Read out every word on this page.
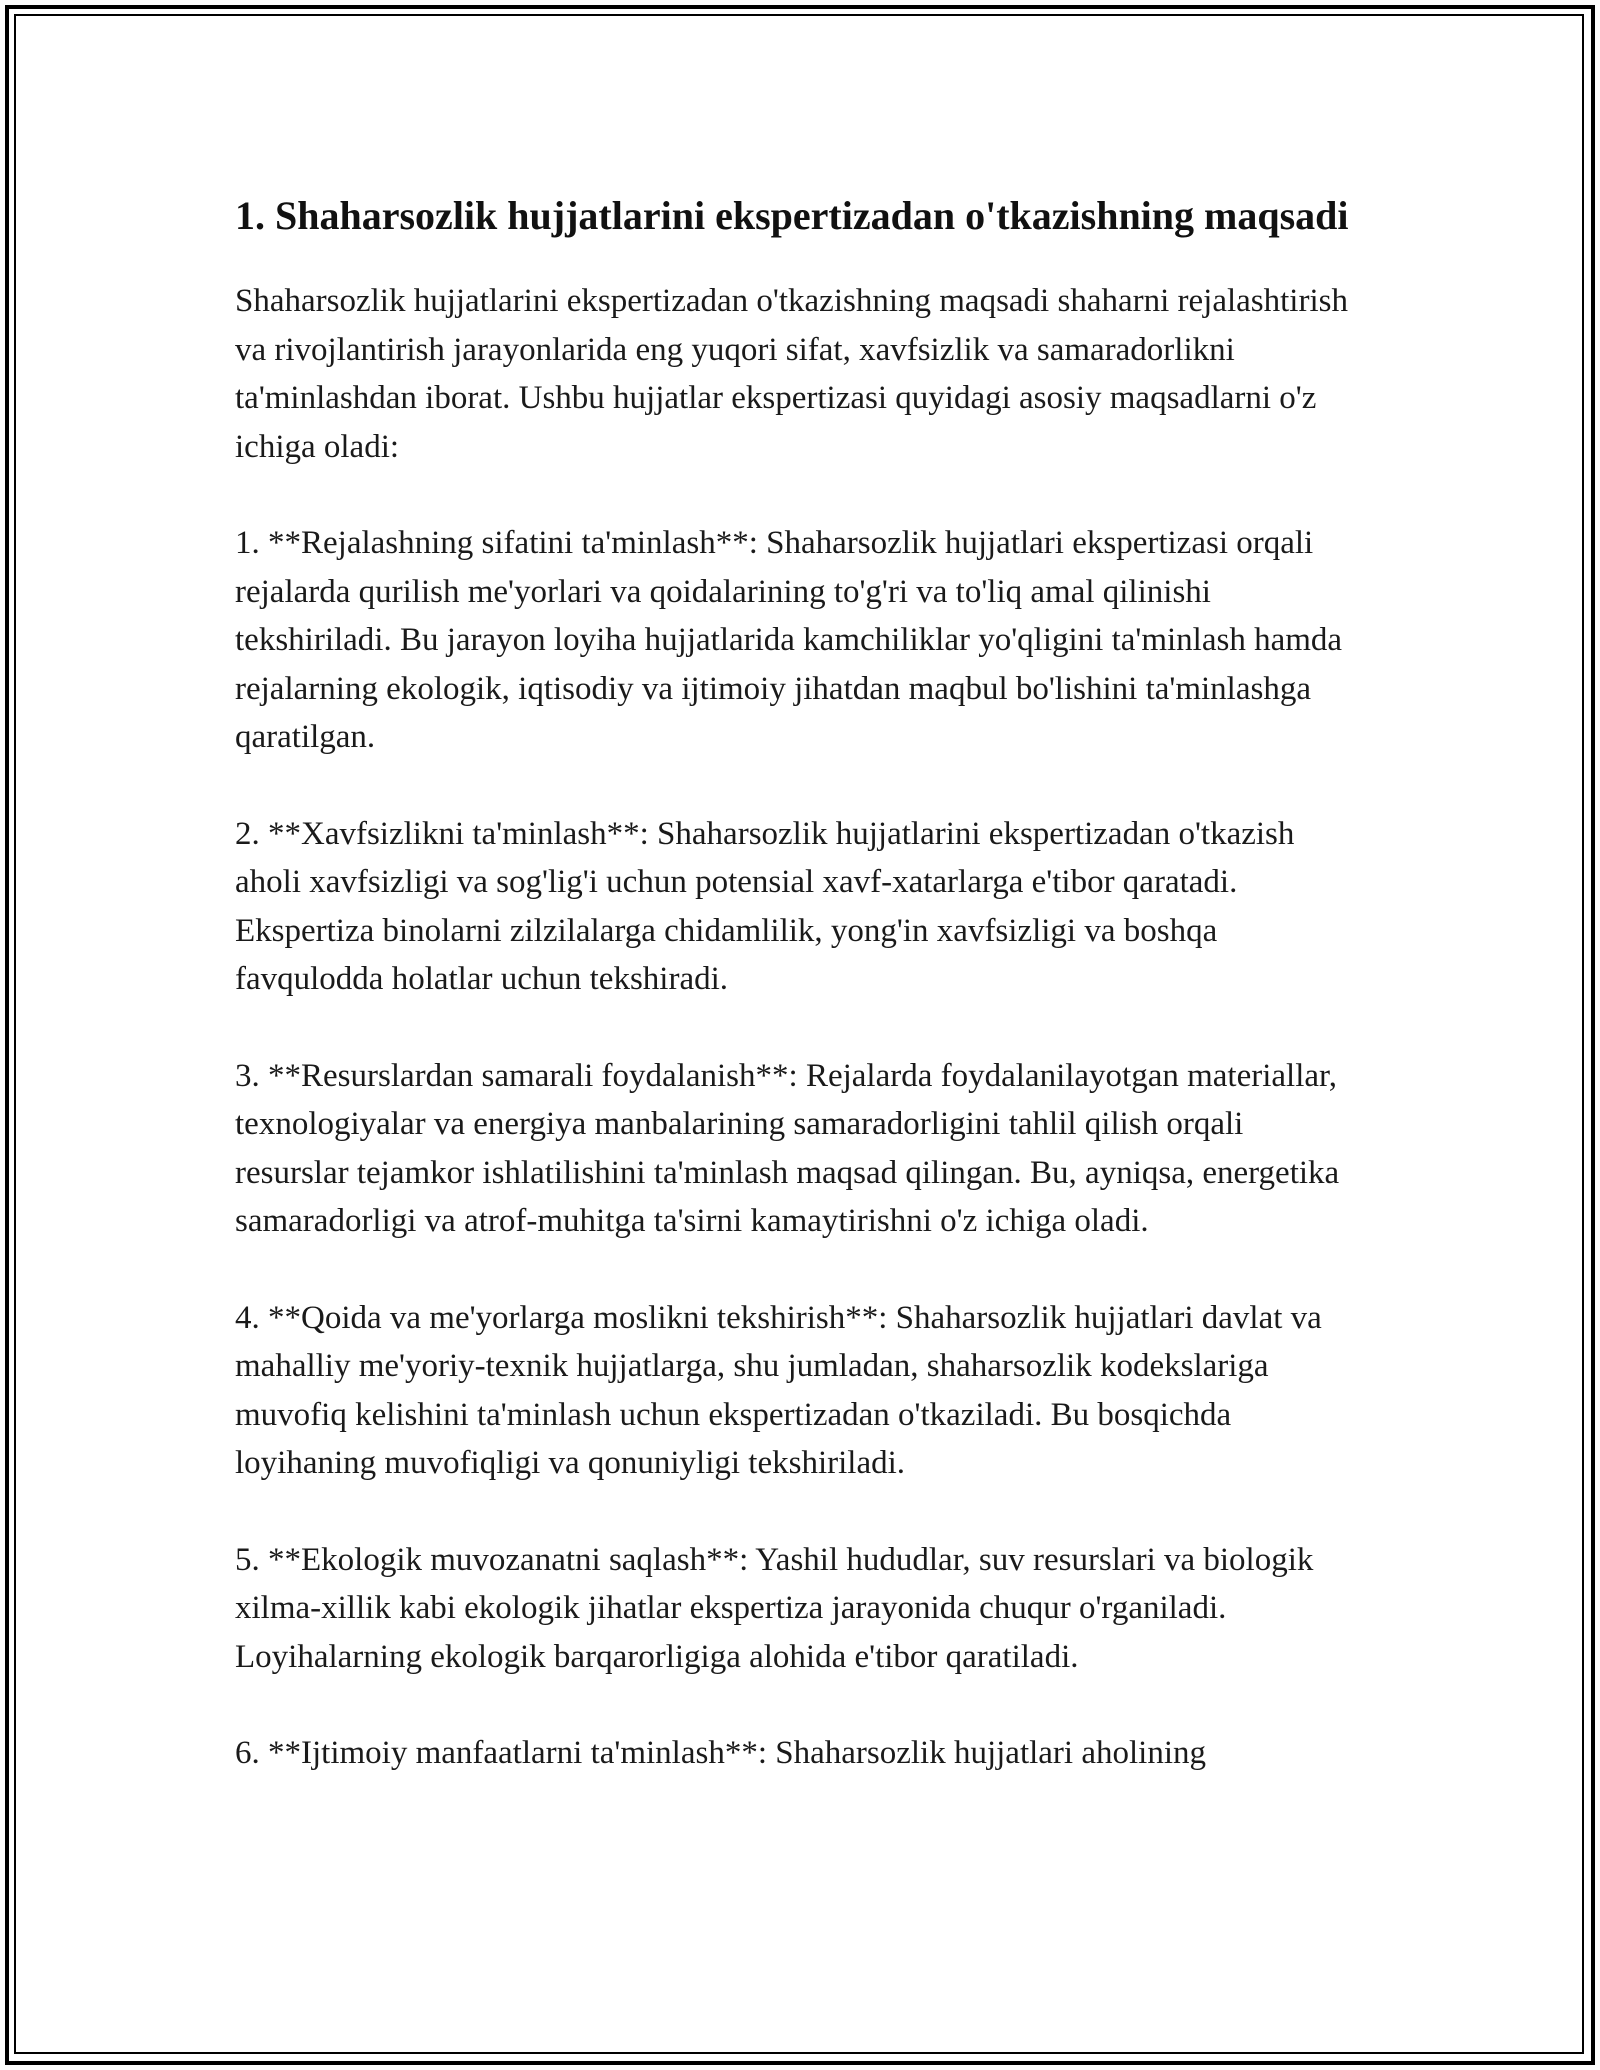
1. Shaharsozlik hujjatlarini ekspertizadan o'tkazishning maqsadi

Shaharsozlik hujjatlarini ekspertizadan o'tkazishning maqsadi shaharni rejalashtirish va rivojlantirish jarayonlarida eng yuqori sifat, xavfsizlik va samaradorlikni ta'minlashdan iborat. Ushbu hujjatlar ekspertizasi quyidagi asosiy maqsadlarni o'z ichiga oladi:

1. **Rejalashning sifatini ta'minlash**: Shaharsozlik hujjatlari ekspertizasi orqali rejalarda qurilish me'yorlari va qoidalarining to'g'ri va to'liq amal qilinishi tekshiriladi. Bu jarayon loyiha hujjatlarida kamchiliklar yo'qligini ta'minlash hamda rejalarning ekologik, iqtisodiy va ijtimoiy jihatdan maqbul bo'lishini ta'minlashga qaratilgan.

2. **Xavfsizlikni ta'minlash**: Shaharsozlik hujjatlarini ekspertizadan o'tkazish aholi xavfsizligi va sog'lig'i uchun potensial xavf-xatarlarga e'tibor qaratadi. Ekspertiza binolarni zilzilalarga chidamlilik, yong'in xavfsizligi va boshqa favqulodda holatlar uchun tekshiradi.

3. **Resurslardan samarali foydalanish**: Rejalarda foydalanilayotgan materiallar, texnologiyalar va energiya manbalarining samaradorligini tahlil qilish orqali resurslar tejamkor ishlatilishini ta'minlash maqsad qilingan. Bu, ayniqsa, energetika samaradorligi va atrof-muhitga ta'sirni kamaytirishni o'z ichiga oladi.

4. **Qoida va me'yorlarga moslikni tekshirish**: Shaharsozlik hujjatlari davlat va mahalliy me'yoriy-texnik hujjatlarga, shu jumladan, shaharsozlik kodekslariga muvofiq kelishini ta'minlash uchun ekspertizadan o'tkaziladi. Bu bosqichda loyihaning muvofiqligi va qonuniyligi tekshiriladi.

5. **Ekologik muvozanatni saqlash**: Yashil hududlar, suv resurslari va biologik xilma-xillik kabi ekologik jihatlar ekspertiza jarayonida chuqur o'rganiladi. Loyihalarning ekologik barqarorligiga alohida e'tibor qaratiladi.

6. **Ijtimoiy manfaatlarni ta'minlash**: Shaharsozlik hujjatlari aholining
